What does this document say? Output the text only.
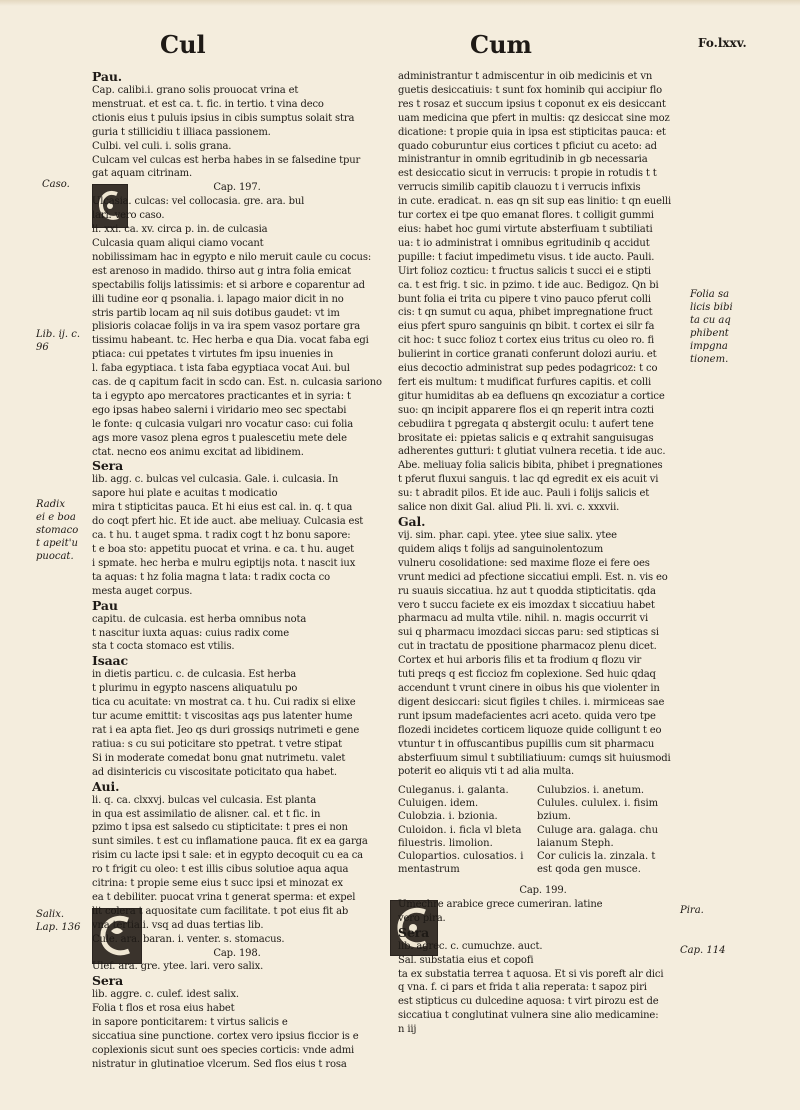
Cul	Cum	Fo.lxxv.

Caso.

Lib. ij. c.

96

Radix

ei e boa

stomaco

t apeit'u

puocat.

Salix.

Lap. 136

Folia sa

licis bibi

ta cu aq

phibent

impgna

tionem.

Pira.

Cap. 114

Pau.

Cap. calibi.i. grano solis prouocat vrina et

menstruat. et est ca. t. fic. in tertio. t vina deco

ctionis eius t puluis ipsius in cibis sumptus solait stra

guria t stillicidiu t illiaca passionem.

Culbi. vel culi. i. solis grana.

Culcam vel culcas est herba habes in se falsedine tpur

gat aquam citrinam.

Cap. 197.

Ulcasia. culcas: vel collocasia. gre. ara. bul

lari. vero caso.

li. xxi. ca. xv. circa p. in. de culcasia

Culcasia quam aliqui ciamo vocant

nobilissimam hac in egypto e nilo meruit caule cu cocus:

est arenoso in madido. thirso aut g intra folia emicat

spectabilis folijs latissimis: et si arbore e coparentur ad

illi tudine eor q psonalia. i. lapago maior dicit in no

stris partib locam aq nil suis dotibus gaudet: vt im

plisioris colacae folijs in va ira spem vasoz portare gra

tissimu habeant. tc. Hec herba e qua Dia. vocat faba egi

ptiaca: cui ppetates t virtutes fm ipsu inuenies in

l. faba egyptiaca. t ista faba egyptiaca vocat Aui. bul

cas. de q capitum facit in scdo can. Est. n. culcasia sariono

ta i egypto apo mercatores practicantes et in syria: t

ego ipsas habeo salerni i viridario meo sec spectabi

le fonte: q culcasia vulgari nro vocatur caso: cui folia

ags more vasoz plena egros t pualescetiu mete dele

ctat. necno eos animu excitat ad libidinem.

Sera

lib. agg. c. bulcas vel culcasia. Gale. i. culcasia. In

sapore hui plate e acuitas t modicatio

mira t stipticitas pauca. Et hi eius est cal. in. q. t qua

do coqt pfert hic. Et ide auct. abe meliuay. Culcasia est

ca. t hu. t auget spma. t radix cogt t hz bonu sapore:

t e boa sto: appetitu puocat et vrina. e ca. t hu. auget

i spmate. hec herba e mulru egiptijs nota. t nascit iux

ta aquas: t hz folia magna t lata: t radix cocta co

mesta auget corpus.

Pau

capitu. de culcasia. est herba omnibus nota

t nascitur iuxta aquas: cuius radix come

sta t cocta stomaco est vtilis.

Isaac

in dietis particu. c. de culcasia. Est herba

t plurimu in egypto nascens aliquatulu po

tica cu acuitate: vn mostrat ca. t hu. Cui radix si elixe

tur acume emittit: t viscositas aqs pus latenter hume

rat i ea apta fiet. Jeo qs duri grossiqs nutrimeti e gene

ratiua: s cu sui poticitare sto ppetrat. t vetre stipat

Si in moderate comedat bonu gnat nutrimetu. valet

ad disintericis cu viscositate poticitato qua habet.

Aui.

li. q. ca. clxxvj. bulcas vel culcasia. Est planta

in qua est assimilatio de alisner. cal. et t fic. in

pzimo t ipsa est salsedo cu stipticitate: t pres ei non

sunt similes. t est cu inflamatione pauca. fit ex ea garga

risim cu lacte ipsi t sale: et in egypto decoquit cu ea ca

ro t frigit cu oleo: t est illis cibus solutioe aqua aqua

citrina: t propie seme eius t succ ipsi et minozat ex

ea t debiliter. puocat vrina t generat sperma: et expel

lit colera t aquositate cum facilitate. t pot eius fit ab

vna tertiali. vsq ad duas tertias lib.

Cule. ara. baran. i. venter. s. stomacus.

Cap. 198.

Ulef. ara. gre. ytee. lari. vero salix.

Sera

lib. aggre. c. culef. idest salix.

Folia t flos et rosa eius habet

in sapore ponticitarem: t virtus salicis e

siccatiua sine punctione. cortex vero ipsius ficcior is e

coplexionis sicut sunt oes species corticis: vnde admi

nistratur in glutinatioe vlcerum. Sed flos eius t rosa

administrantur t admiscentur in oib medicinis et vn

guetis desiccatiuis: t sunt fox hominib qui accipiur flo

res t rosaz et succum ipsius t coponut ex eis desiccant

uam medicina que pfert in multis: qz desiccat sine moz

dicatione: t propie quia in ipsa est stipticitas pauca: et

quado coburuntur eius cortices t pficiut cu aceto: ad

ministrantur in omnib egritudinib in gb necessaria

est desiccatio sicut in verrucis: t propie in rotudis t t

verrucis similib capitib clauozu t i verrucis infixis

in cute. eradicat. n. eas qn sit sup eas linitio: t qn euelli

tur cortex ei tpe quo emanat flores. t colligit gummi

eius: habet hoc gumi virtute absterfiuam t subtiliati

ua: t io administrat i omnibus egritudinib q accidut

pupille: t faciut impedimetu visus. t ide aucto. Pauli.

Uirt folioz cozticu: t fructus salicis t succi ei e stipti

ca. t est frig. t sic. in pzimo. t ide auc. Bedigoz. Qn bi

bunt folia ei trita cu pipere t vino pauco pferut colli

cis: t qn sumut cu aqua, phibet impregnatione fruct

eius pfert spuro sanguinis qn bibit. t cortex ei silr fa

cit hoc: t succ folioz t cortex eius tritus cu oleo ro. fi

bulierint in cortice granati conferunt dolozi auriu. et

eius decoctio administrat sup pedes podagricoz: t co

fert eis multum: t mudificat furfures capitis. et colli

gitur humiditas ab ea defluens qn excoziatur a cortice

suo: qn incipit apparere flos ei qn reperit intra cozti

cebudiira t pgregata q abstergit oculu: t aufert tene

brositate ei: ppietas salicis e q extrahit sanguisugas

adherentes gutturi: t glutiat vulnera recetia. t ide auc.

Abe. meliuay folia salicis bibita, phibet i pregnationes

t pferut fluxui sanguis. t lac qd egredit ex eis acuit vi

su: t abradit pilos. Et ide auc. Pauli i folijs salicis et

salice non dixit Gal. aliud Pli. li. xvi. c. xxxvii.

Gal.

vij. sim. phar. capi. ytee. ytee siue salix. ytee

quidem aliqs t folijs ad sanguinolentozum

vulneru cosolidatione: sed maxime floze ei fere oes

vrunt medici ad pfectione siccatiui empli. Est. n. vis eo

ru suauis siccatiua. hz aut t quodda stipticitatis. qda

vero t succu faciete ex eis imozdax t siccatiuu habet

pharmacu ad multa vtile. nihil. n. magis occurrit vi

sui q pharmacu imozdaci siccas paru: sed stipticas si

cut in tractatu de ppositione pharmacoz plenu dicet.

Cortex et hui arboris filis et ta frodium q flozu vir

tuti preqs q est ficcioz fm coplexione. Sed huic qdaq

accendunt t vrunt cinere in oibus his que violenter in

digent desiccari: sicut figiles t chiles. i. mirmiceas sae

runt ipsum madefacientes acri aceto. quida vero tpe

flozedi incidetes corticem liquoze quide colligunt t eo

vtuntur t in offuscantibus pupillis cum sit pharmacu

absterfiuum simul t subtiliatiuum: cumqs sit huiusmodi

poterit eo aliquis vti t ad alia multa.

Culeganus. i. galanta.

Culuigen. idem.

Culobzia. i. bzionia.

Culoidon. i. ficla vl bleta

filuestris. limolion.

Culopartios. culosatios. i

mentastrum

Culubzios. i. anetum.

Culules. cululex. i. fisim

bzium.

Culuge ara. galaga. chu

laianum Steph.

Cor culicis la. zinzala. t

est qoda gen musce.

Cap. 199.

Umechre arabice grece cumeriran. latine

vero pira.

Sera

lib. agrec. c. cumuchze. auct.

Sal. substatia eius et copofi

ta ex substatia terrea t aquosa. Et si vis poreft alr dici

q vna. f. ci pars et frida t alia reperata: t sapoz piri

est stipticus cu dulcedine aquosa: t virt pirozu est de

siccatiua t conglutinat vulnera sine alio medicamine:

n iij
